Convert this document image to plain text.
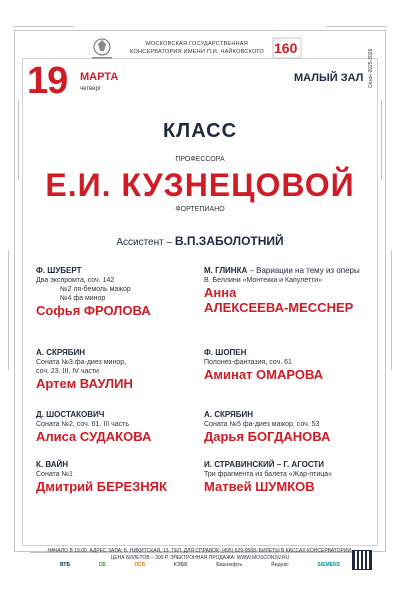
МОСКОВСКАЯ ГОСУДАРСТВЕННАЯ КОНСЕРВАТОРИЯ ИМЕНИ П.И. ЧАЙКОВСКОГО 160
Сезон 2025-2026
19 МАРТА
четверг
МАЛЫЙ ЗАЛ
КЛАСС
ПРОФЕССОРА
Е.И. КУЗНЕЦОВОЙ
ФОРТЕПИАНО
Ассистент – В.П.ЗАБОЛОТНИЙ
Ф. ШУБЕРТ
Два экспромта, соч. 142
№2 ля-бемоль мажор
№4 фа минор
Софья ФРОЛОВА
А. СКРЯБИН
Соната №3 фа-диез минор,
соч. 23. III, IV части
Артем ВАУЛИН
Д. ШОСТАКОВИЧ
Соната №2, соч. 61. III часть
Алиса СУДАКОВА
К. ВАЙН
Соната №1
Дмитрий БЕРЕЗНЯК
М. ГЛИНКА – Вариации на тему из оперы
В. Беллини «Монтекки и Капулетти»
Анна
АЛЕКСЕЕВА-МЕССНЕР
Ф. ШОПЕН
Полонез-фантазия, соч. 61
Аминат ОМАРОВА
А. СКРЯБИН
Соната №5 фа-диез мажор, соч. 53
Дарья БОГДАНОВА
И. СТРАВИНСКИЙ – Г. АГОСТИ
Три фрагмента из балета «Жар-птица»
Матвей ШУМКОВ
НАЧАЛО В 19:00. АДРЕС ЗАЛА: Б. НИКИТСКАЯ, 13. ТЕЛ. ДЛЯ СПРАВОК: (495) 629-9568. БИЛЕТЫ В КАССАХ КОНСЕРВАТОРИИ.
ЦЕНА БИЛЕТОВ – 300 Р. ЭЛЕКТРОННАЯ ПРОДАЖА: WWW.MOSCONSV.RU
ВТБ	СБ	ПСБ	КЭББ	Башнефть	Яндекс	SIEMENS
